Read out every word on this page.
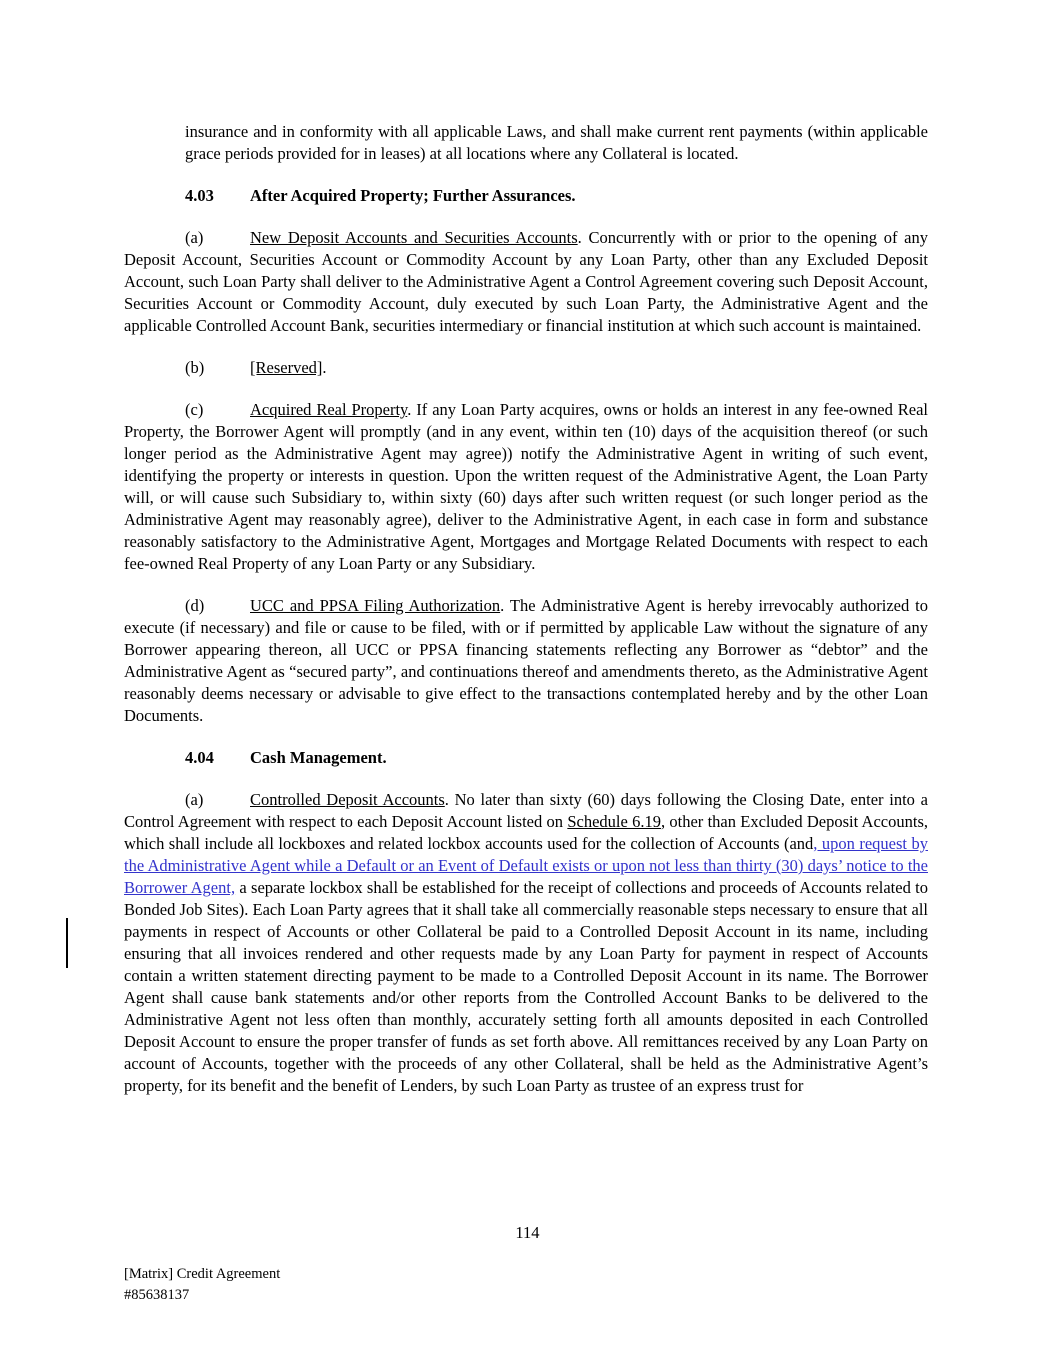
insurance and in conformity with all applicable Laws, and shall make current rent payments (within applicable grace periods provided for in leases) at all locations where any Collateral is located.

4.03 After Acquired Property; Further Assurances.

(a)	New Deposit Accounts and Securities Accounts. Concurrently with or prior to the opening of any Deposit Account, Securities Account or Commodity Account by any Loan Party, other than any Excluded Deposit Account, such Loan Party shall deliver to the Administrative Agent a Control Agreement covering such Deposit Account, Securities Account or Commodity Account, duly executed by such Loan Party, the Administrative Agent and the applicable Controlled Account Bank, securities intermediary or financial institution at which such account is maintained.

(b)	[Reserved].

(c)	Acquired Real Property. If any Loan Party acquires, owns or holds an interest in any fee-owned Real Property, the Borrower Agent will promptly (and in any event, within ten (10) days of the acquisition thereof (or such longer period as the Administrative Agent may agree)) notify the Administrative Agent in writing of such event, identifying the property or interests in question. Upon the written request of the Administrative Agent, the Loan Party will, or will cause such Subsidiary to, within sixty (60) days after such written request (or such longer period as the Administrative Agent may reasonably agree), deliver to the Administrative Agent, in each case in form and substance reasonably satisfactory to the Administrative Agent, Mortgages and Mortgage Related Documents with respect to each fee-owned Real Property of any Loan Party or any Subsidiary.

(d)	UCC and PPSA Filing Authorization. The Administrative Agent is hereby irrevocably authorized to execute (if necessary) and file or cause to be filed, with or if permitted by applicable Law without the signature of any Borrower appearing thereon, all UCC or PPSA financing statements reflecting any Borrower as “debtor” and the Administrative Agent as “secured party”, and continuations thereof and amendments thereto, as the Administrative Agent reasonably deems necessary or advisable to give effect to the transactions contemplated hereby and by the other Loan Documents.

4.04 Cash Management.

(a)	Controlled Deposit Accounts. No later than sixty (60) days following the Closing Date, enter into a Control Agreement with respect to each Deposit Account listed on Schedule 6.19, other than Excluded Deposit Accounts, which shall include all lockboxes and related lockbox accounts used for the collection of Accounts (and, upon request by the Administrative Agent while a Default or an Event of Default exists or upon not less than thirty (30) days’ notice to the Borrower Agent, a separate lockbox shall be established for the receipt of collections and proceeds of Accounts related to Bonded Job Sites). Each Loan Party agrees that it shall take all commercially reasonable steps necessary to ensure that all payments in respect of Accounts or other Collateral be paid to a Controlled Deposit Account in its name, including ensuring that all invoices rendered and other requests made by any Loan Party for payment in respect of Accounts contain a written statement directing payment to be made to a Controlled Deposit Account in its name. The Borrower Agent shall cause bank statements and/or other reports from the Controlled Account Banks to be delivered to the Administrative Agent not less often than monthly, accurately setting forth all amounts deposited in each Controlled Deposit Account to ensure the proper transfer of funds as set forth above. All remittances received by any Loan Party on account of Accounts, together with the proceeds of any other Collateral, shall be held as the Administrative Agent’s property, for its benefit and the benefit of Lenders, by such Loan Party as trustee of an express trust for

114
[Matrix] Credit Agreement
#85638137
